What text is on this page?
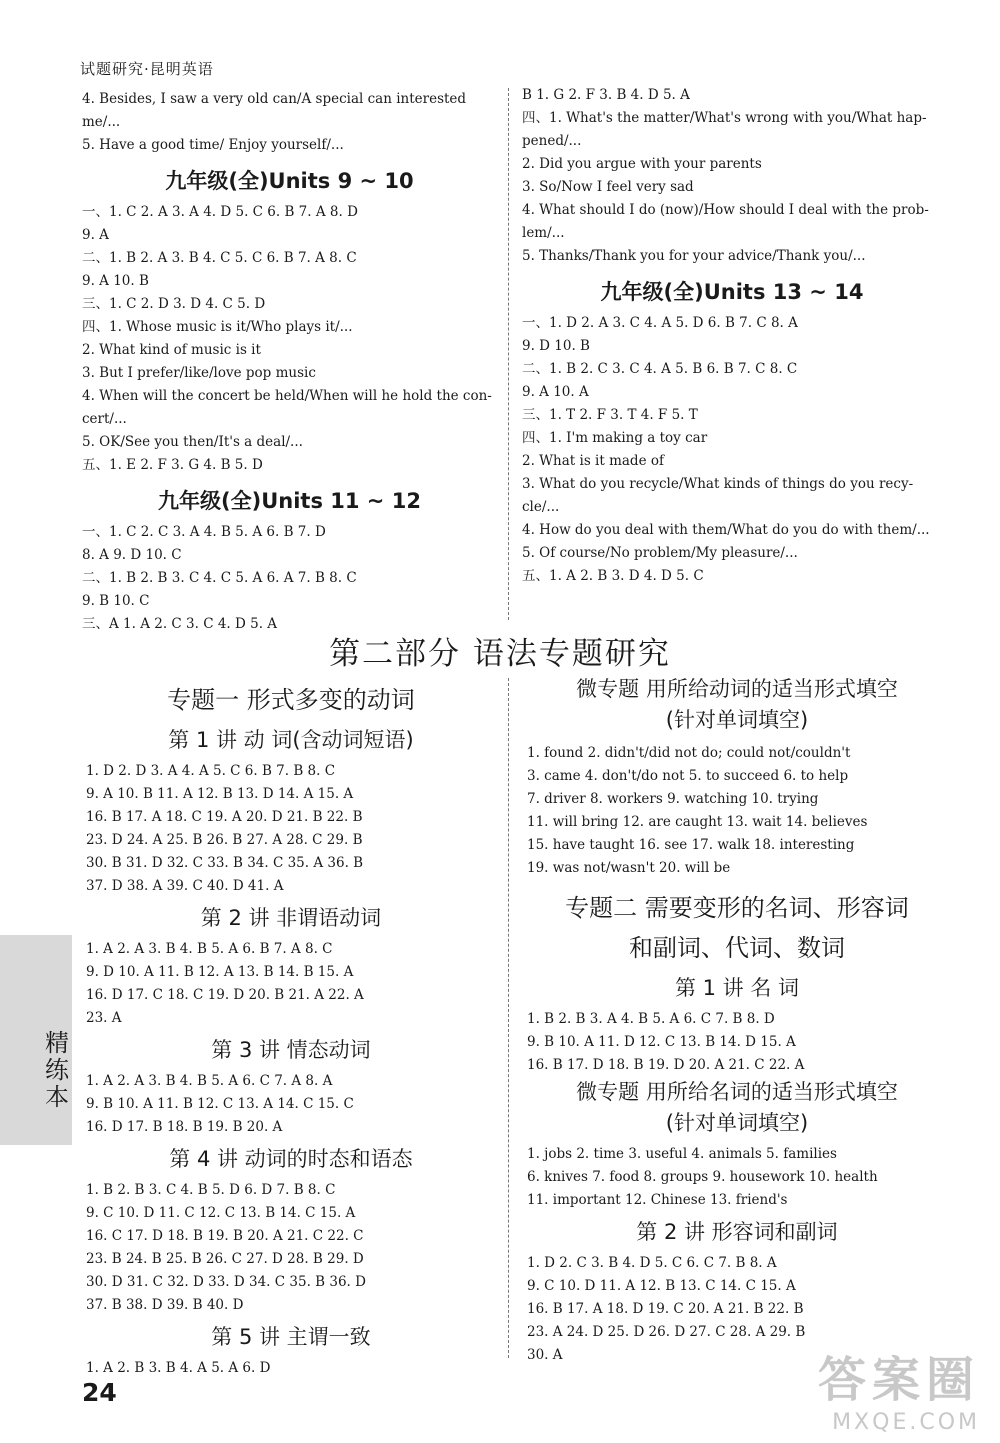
试题研究·昆明英语
4. Besides, I saw a very old can/A special can interested
me/...
5. Have a good time/ Enjoy yourself/...
九年级(全)Units 9 ~ 10
一、1. C 2. A 3. A 4. D 5. C 6. B 7. A 8. D
9. A
二、1. B 2. A 3. B 4. C 5. C 6. B 7. A 8. C
9. A 10. B
三、1. C 2. D 3. D 4. C 5. D
四、1. Whose music is it/Who plays it/...
2. What kind of music is it
3. But I prefer/like/love pop music
4. When will the concert be held/When will he hold the con-
cert/...
5. OK/See you then/It's a deal/...
五、1. E 2. F 3. G 4. B 5. D
九年级(全)Units 11 ~ 12
一、1. C 2. C 3. A 4. B 5. A 6. B 7. D
8. A 9. D 10. C
二、1. B 2. B 3. C 4. C 5. A 6. A 7. B 8. C
9. B 10. C
三、A 1. A 2. C 3. C 4. D 5. A
B 1. G 2. F 3. B 4. D 5. A
四、1. What's the matter/What's wrong with you/What hap-
pened/...
2. Did you argue with your parents
3. So/Now I feel very sad
4. What should I do (now)/How should I deal with the prob-
lem/...
5. Thanks/Thank you for your advice/Thank you/...
九年级(全)Units 13 ~ 14
一、1. D 2. A 3. C 4. A 5. D 6. B 7. C 8. A
9. D 10. B
二、1. B 2. C 3. C 4. A 5. B 6. B 7. C 8. C
9. A 10. A
三、1. T 2. F 3. T 4. F 5. T
四、1. I'm making a toy car
2. What is it made of
3. What do you recycle/What kinds of things do you recy-
cle/...
4. How do you deal with them/What do you do with them/...
5. Of course/No problem/My pleasure/...
五、1. A 2. B 3. D 4. D 5. C
第二部分 语法专题研究
专题一 形式多变的动词
第 1 讲 动 词(含动词短语)
1. D 2. D 3. A 4. A 5. C 6. B 7. B 8. C
9. A 10. B 11. A 12. B 13. D 14. A 15. A
16. B 17. A 18. C 19. A 20. D 21. B 22. B
23. D 24. A 25. B 26. B 27. A 28. C 29. B
30. B 31. D 32. C 33. B 34. C 35. A 36. B
37. D 38. A 39. C 40. D 41. A
第 2 讲 非谓语动词
1. A 2. A 3. B 4. B 5. A 6. B 7. A 8. C
9. D 10. A 11. B 12. A 13. B 14. B 15. A
16. D 17. C 18. C 19. D 20. B 21. A 22. A
23. A
第 3 讲 情态动词
1. A 2. A 3. B 4. B 5. A 6. C 7. A 8. A
9. B 10. A 11. B 12. C 13. A 14. C 15. C
16. D 17. B 18. B 19. B 20. A
第 4 讲 动词的时态和语态
1. B 2. B 3. C 4. B 5. D 6. D 7. B 8. C
9. C 10. D 11. C 12. C 13. B 14. C 15. A
16. C 17. D 18. B 19. B 20. A 21. C 22. C
23. B 24. B 25. B 26. C 27. D 28. B 29. D
30. D 31. C 32. D 33. D 34. C 35. B 36. D
37. B 38. D 39. B 40. D
第 5 讲 主谓一致
1. A 2. B 3. B 4. A 5. A 6. D
微专题 用所给动词的适当形式填空
(针对单词填空)
1. found 2. didn't/did not do; could not/couldn't
3. came 4. don't/do not 5. to succeed 6. to help
7. driver 8. workers 9. watching 10. trying
11. will bring 12. are caught 13. wait 14. believes
15. have taught 16. see 17. walk 18. interesting
19. was not/wasn't 20. will be
专题二 需要变形的名词、形容词
和副词、代词、数词
第 1 讲 名 词
1. B 2. B 3. A 4. B 5. A 6. C 7. B 8. D
9. B 10. A 11. D 12. C 13. B 14. D 15. A
16. B 17. D 18. B 19. D 20. A 21. C 22. A
微专题 用所给名词的适当形式填空
(针对单词填空)
1. jobs 2. time 3. useful 4. animals 5. families
6. knives 7. food 8. groups 9. housework 10. health
11. important 12. Chinese 13. friend's
第 2 讲 形容词和副词
1. D 2. C 3. B 4. D 5. C 6. C 7. B 8. A
9. C 10. D 11. A 12. B 13. C 14. C 15. A
16. B 17. A 18. D 19. C 20. A 21. B 22. B
23. A 24. D 25. D 26. D 27. C 28. A 29. B
30. A
精
练
本
24	答案圈
MXQE.COM
